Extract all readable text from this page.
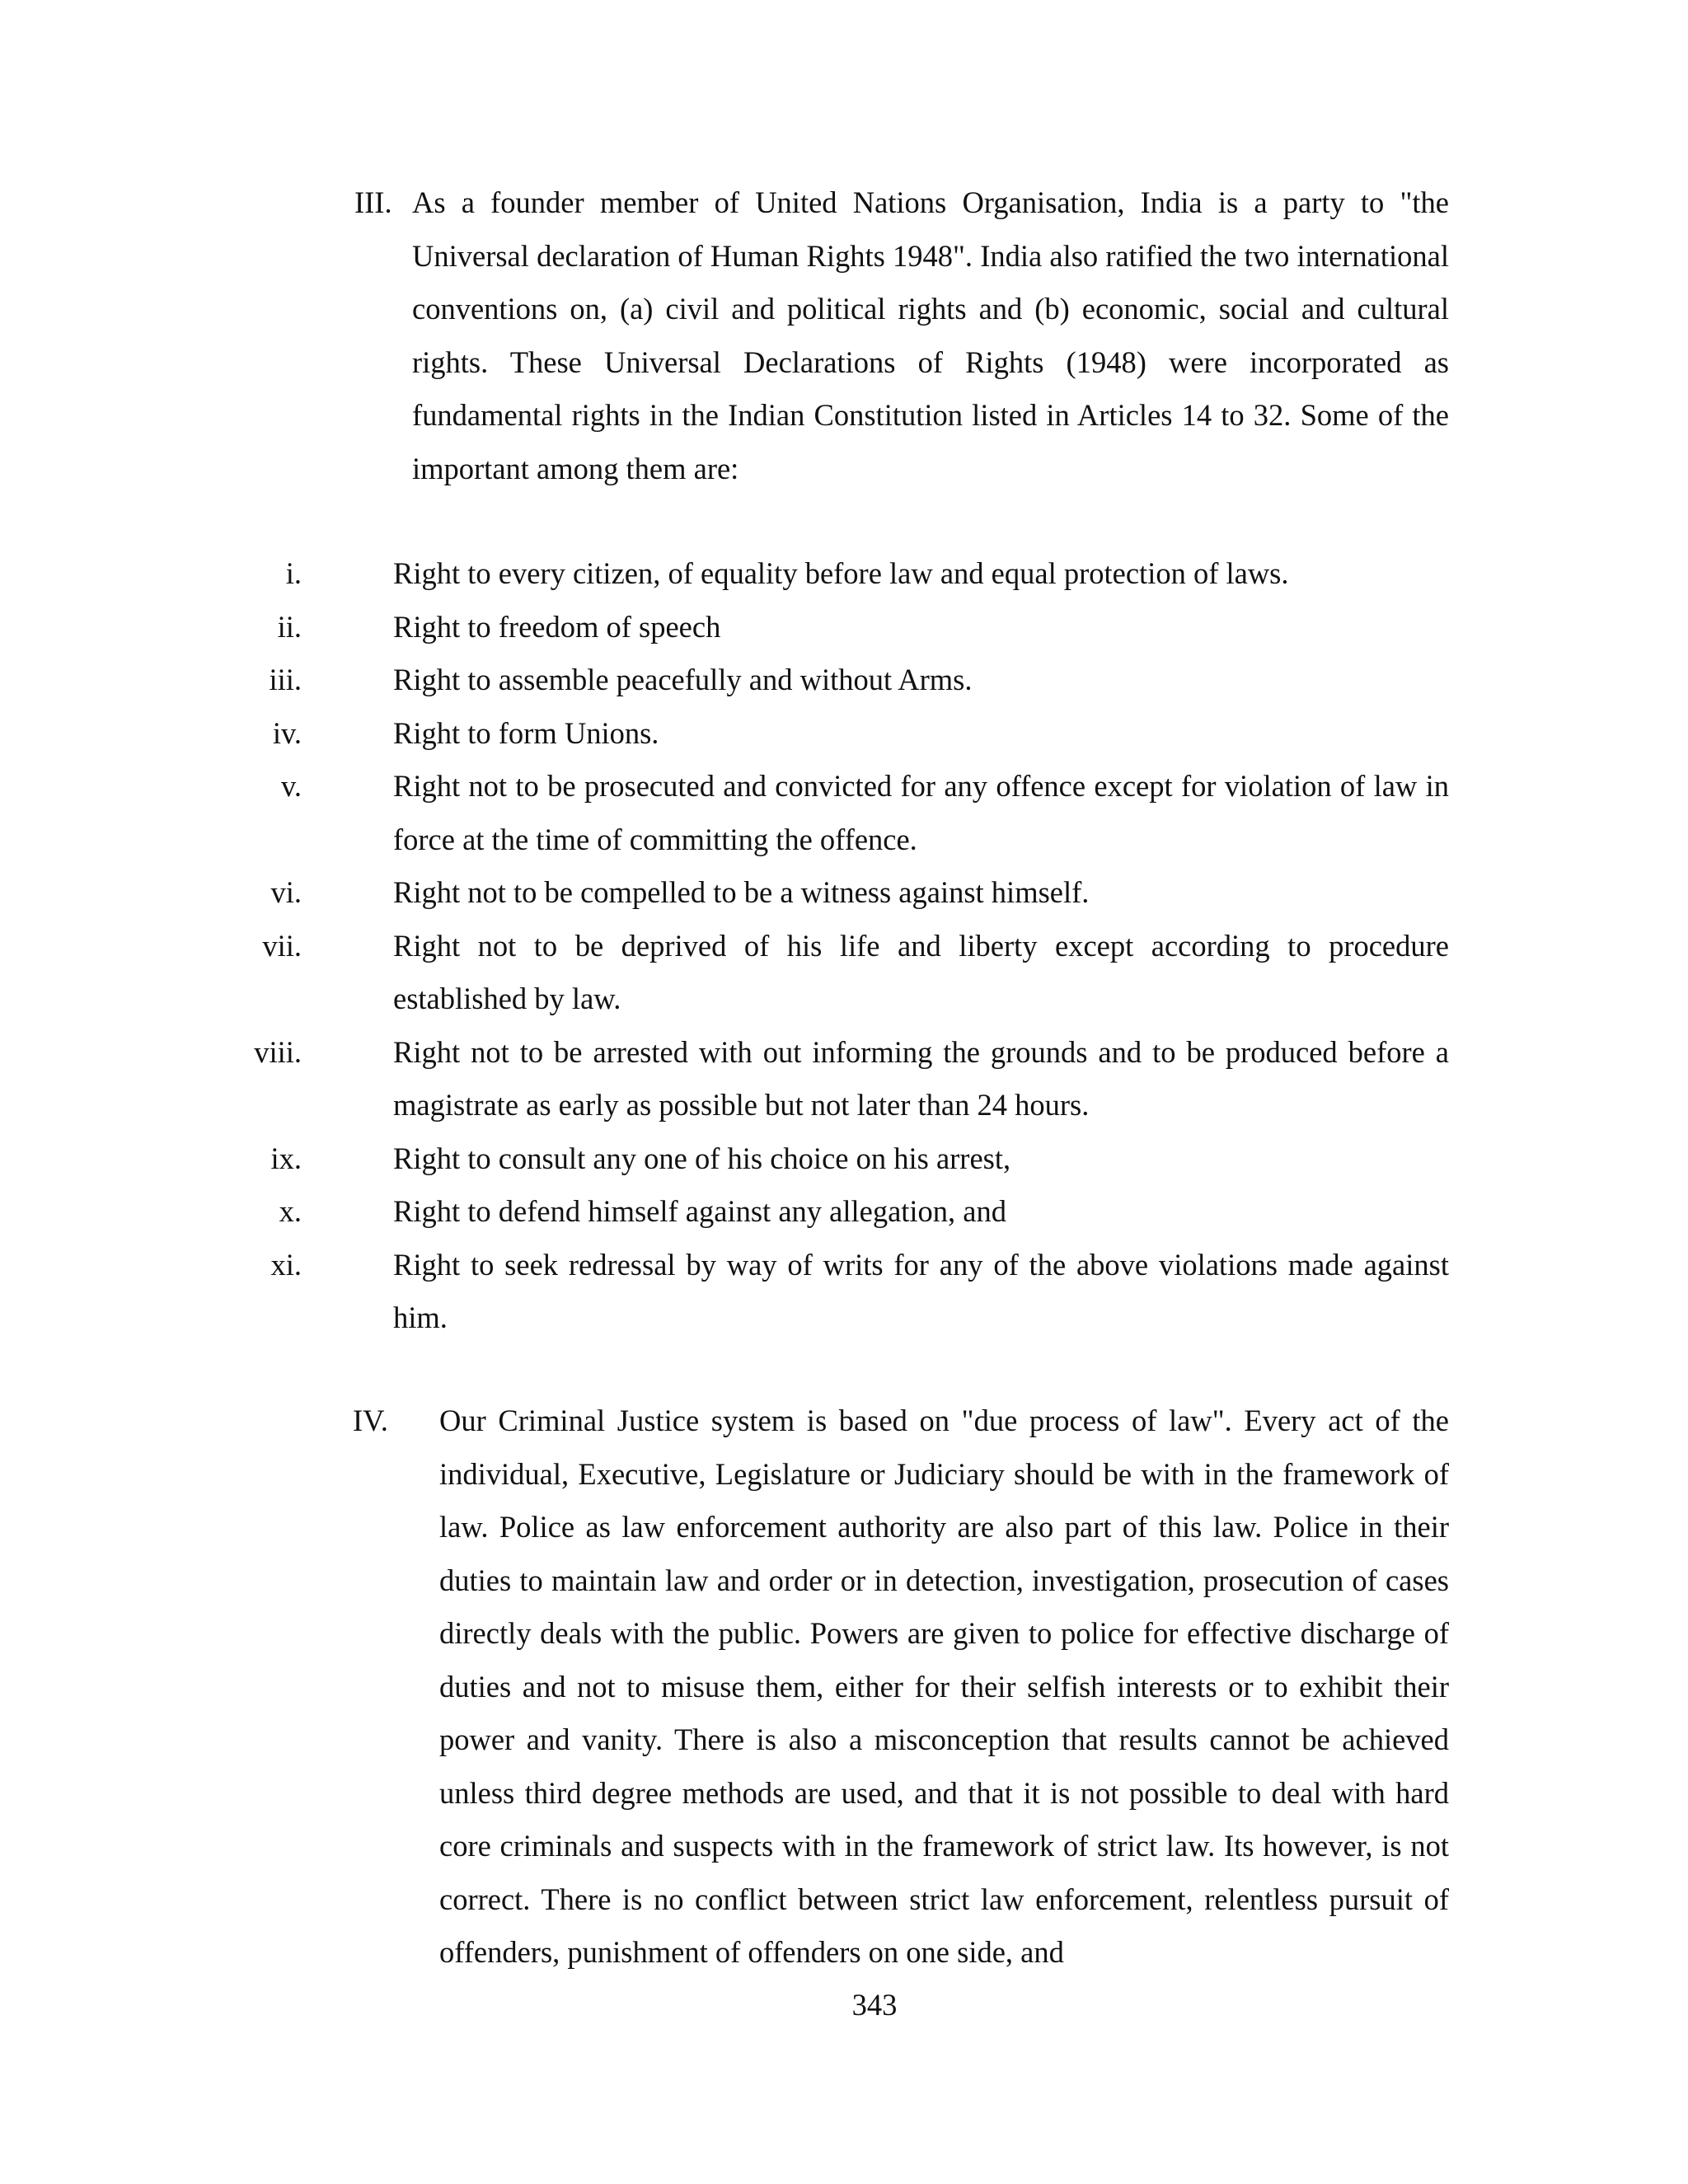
III. As a founder member of United Nations Organisation, India is a party to "the Universal declaration of Human Rights 1948". India also ratified the two international conventions on, (a) civil and political rights and (b) economic, social and cultural rights. These Universal Declarations of Rights (1948) were incorporated as fundamental rights in the Indian Constitution listed in Articles 14 to 32. Some of the important among them are:
i.	Right to every citizen, of equality before law and equal protection of laws.
ii.	Right to freedom of speech
iii.	Right to assemble peacefully and without Arms.
iv.	Right to form Unions.
v.	Right not to be prosecuted and convicted for any offence except for violation of law in force at the time of committing the offence.
vi.	Right not to be compelled to be a witness against himself.
vii.	Right not to be deprived of his life and liberty except according to procedure established by law.
viii.	Right not to be arrested with out informing the grounds and to be produced before a magistrate as early as possible but not later than 24 hours.
ix.	Right to consult any one of his choice on his arrest,
x.	Right to defend himself against any allegation, and
xi.	Right to seek redressal by way of writs for any of the above violations made against him.
IV. Our Criminal Justice system is based on "due process of law". Every act of the individual, Executive, Legislature or Judiciary should be with in the framework of law. Police as law enforcement authority are also part of this law. Police in their duties to maintain law and order or in detection, investigation, prosecution of cases directly deals with the public. Powers are given to police for effective discharge of duties and not to misuse them, either for their selfish interests or to exhibit their power and vanity. There is also a misconception that results cannot be achieved unless third degree methods are used, and that it is not possible to deal with hard core criminals and suspects with in the framework of strict law. Its however, is not correct. There is no conflict between strict law enforcement, relentless pursuit of offenders, punishment of offenders on one side, and
343
